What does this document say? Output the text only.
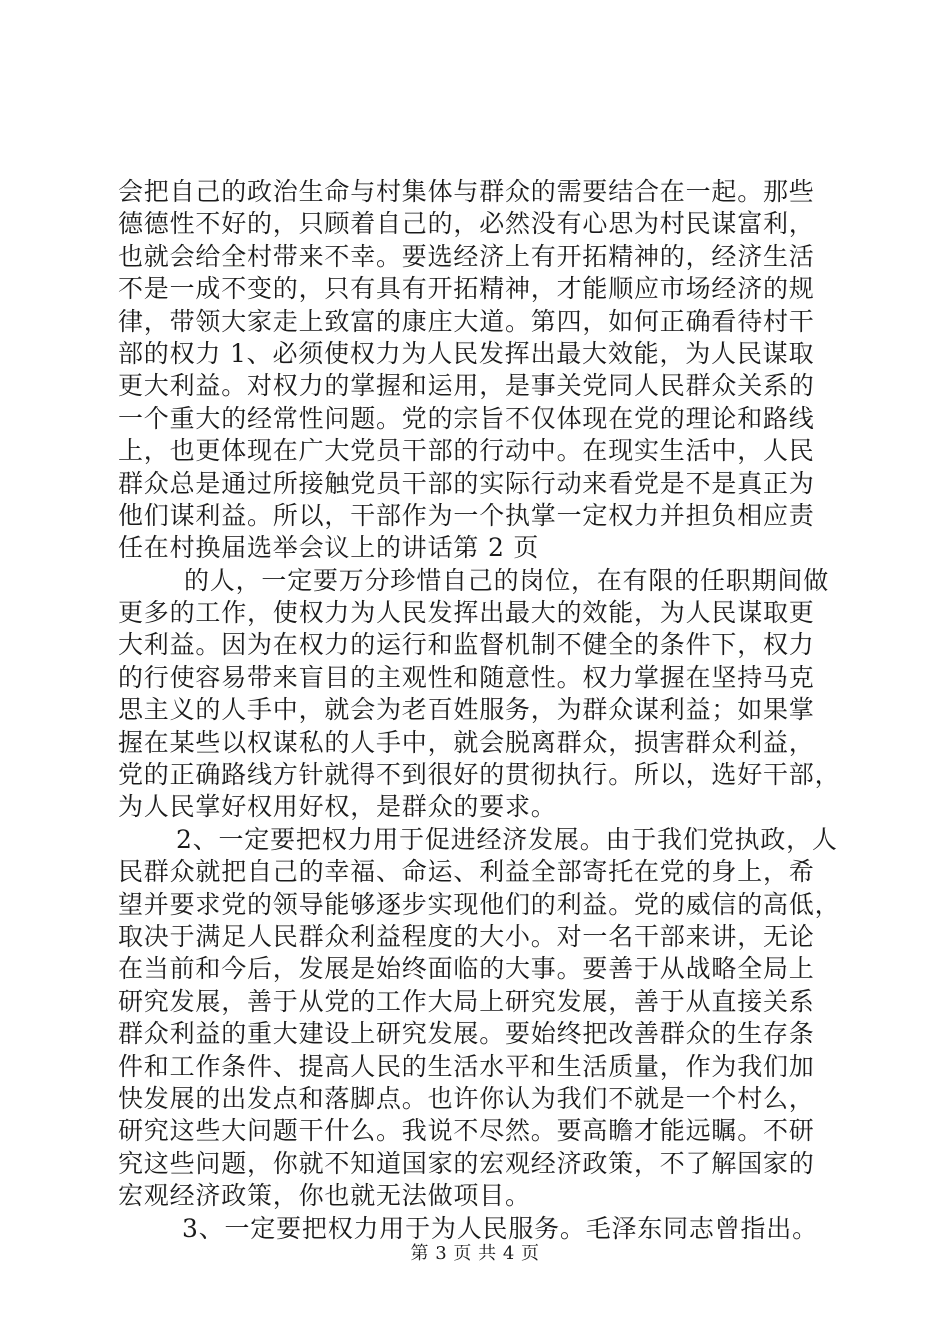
会把自己的政治生命与村集体与群众的需要结合在一起。那些
德德性不好的，只顾着自己的，必然没有心思为村民谋富利，
也就会给全村带来不幸。要选经济上有开拓精神的，经济生活
不是一成不变的，只有具有开拓精神，才能顺应市场经济的规
律，带领大家走上致富的康庄大道。第四，如何正确看待村干
部的权力 1、必须使权力为人民发挥出最大效能，为人民谋取
更大利益。对权力的掌握和运用，是事关党同人民群众关系的
一个重大的经常性问题。党的宗旨不仅体现在党的理论和路线
上，也更体现在广大党员干部的行动中。在现实生活中，人民
群众总是通过所接触党员干部的实际行动来看党是不是真正为
他们谋利益。所以，干部作为一个执掌一定权力并担负相应责
任在村换届选举会议上的讲话第 2 页
的人，一定要万分珍惜自己的岗位，在有限的任职期间做
更多的工作，使权力为人民发挥出最大的效能，为人民谋取更
大利益。因为在权力的运行和监督机制不健全的条件下，权力
的行使容易带来盲目的主观性和随意性。权力掌握在坚持马克
思主义的人手中，就会为老百姓服务，为群众谋利益；如果掌
握在某些以权谋私的人手中，就会脱离群众，损害群众利益，
党的正确路线方针就得不到很好的贯彻执行。所以，选好干部，
为人民掌好权用好权，是群众的要求。
2、一定要把权力用于促进经济发展。由于我们党执政，人
民群众就把自己的幸福、命运、利益全部寄托在党的身上，希
望并要求党的领导能够逐步实现他们的利益。党的威信的高低，
取决于满足人民群众利益程度的大小。对一名干部来讲，无论
在当前和今后，发展是始终面临的大事。要善于从战略全局上
研究发展，善于从党的工作大局上研究发展，善于从直接关系
群众利益的重大建设上研究发展。要始终把改善群众的生存条
件和工作条件、提高人民的生活水平和生活质量，作为我们加
快发展的出发点和落脚点。也许你认为我们不就是一个村么，
研究这些大问题干什么。我说不尽然。要高瞻才能远瞩。不研
究这些问题，你就不知道国家的宏观经济政策，不了解国家的
宏观经济政策，你也就无法做项目。
3、一定要把权力用于为人民服务。毛泽东同志曾指出。
第 3 页 共 4 页
